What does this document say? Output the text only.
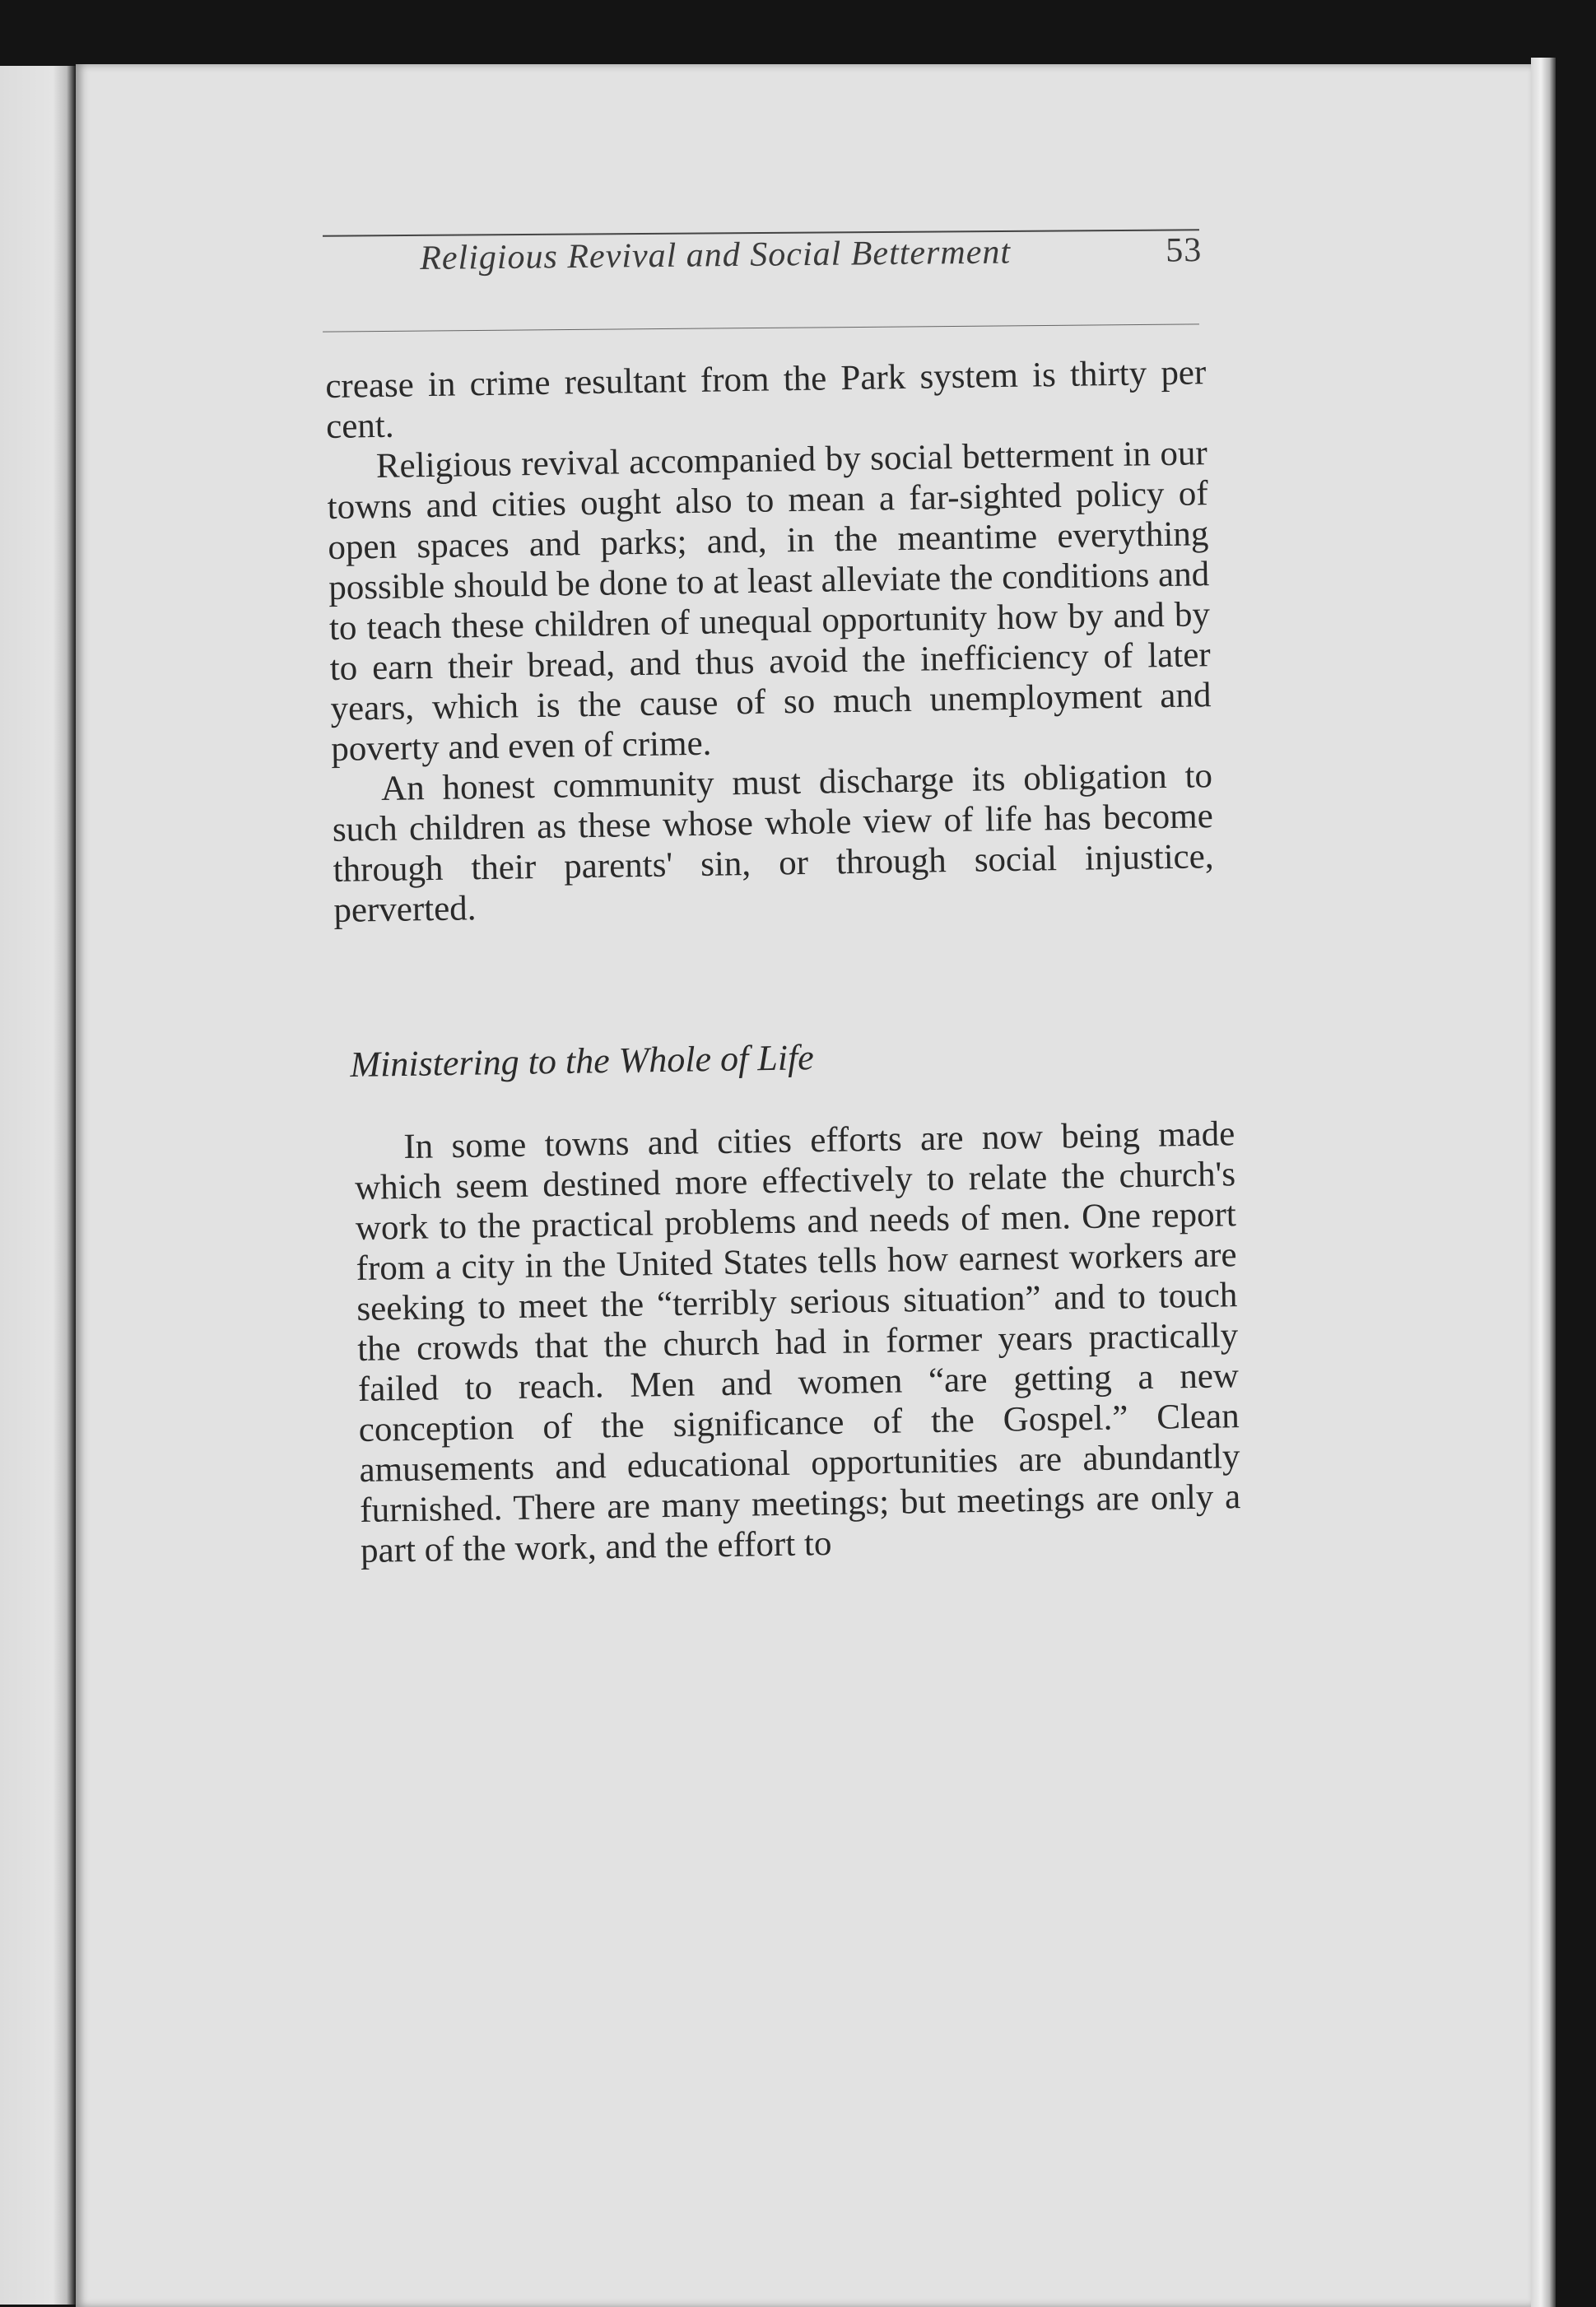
Religious Revival and Social Betterment	53

crease in crime resultant from the Park system is thirty per cent.

Religious revival accompanied by social betterment in our towns and cities ought also to mean a far-sighted policy of open spaces and parks; and, in the meantime everything possible should be done to at least alleviate the conditions and to teach these children of unequal opportunity how by and by to earn their bread, and thus avoid the inefficiency of later years, which is the cause of so much unemployment and poverty and even of crime.

An honest community must discharge its obligation to such children as these whose whole view of life has become through their parents' sin, or through social injustice, perverted.

Ministering to the Whole of Life

In some towns and cities efforts are now being made which seem destined more effectively to relate the church's work to the practical problems and needs of men. One report from a city in the United States tells how earnest workers are seeking to meet the “terribly serious situation” and to touch the crowds that the church had in former years practically failed to reach. Men and women “are getting a new conception of the significance of the Gospel.” Clean amusements and educational opportunities are abundantly furnished. There are many meetings; but meetings are only a part of the work, and the effort to
